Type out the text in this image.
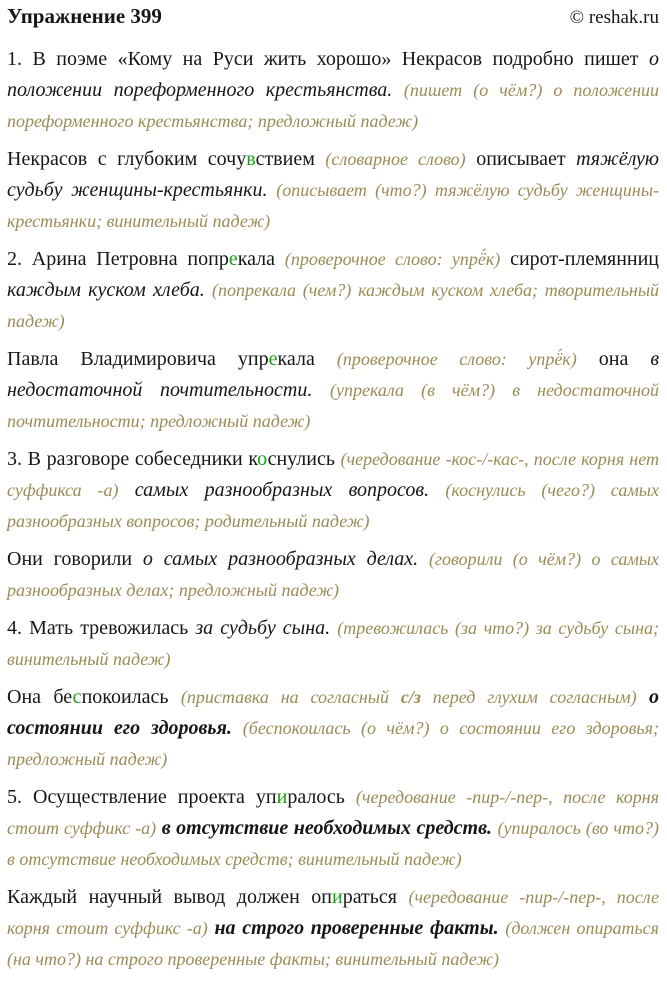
Упражнение 399	© reshak.ru

1. В поэме «Кому на Руси жить хорошо» Некрасов подробно пишет о положении пореформенного крестьянства. (пишет (о чём?) о положении пореформенного крестьянства; предложный падеж)

Некрасов с глубоким сочувствием (словарное слово) описывает тяжёлую судьбу женщины-крестьянки. (описывает (что?) тяжёлую судьбу женщины-крестьянки; винительный падеж)

2. Арина Петровна попрекала (проверочное слово: упрё́к) сирот-племянниц каждым куском хлеба. (попрекала (чем?) каждым куском хлеба; творительный падеж)

Павла Владимировича упрекала (проверочное слово: упрё́к) она в недостаточной почтительности. (упрекала (в чём?) в недостаточной почтительности; предложный падеж)

3. В разговоре собеседники коснулись (чередование -кос-/-кас-, после корня нет суффикса -а) самых разнообразных вопросов. (коснулись (чего?) самых разнообразных вопросов; родительный падеж)

Они говорили о самых разнообразных делах. (говорили (о чём?) о самых разнообразных делах; предложный падеж)

4. Мать тревожилась за судьбу сына. (тревожилась (за что?) за судьбу сына; винительный падеж)

Она беспокоилась (приставка на согласный с/з перед глухим согласным) о состоянии его здоровья. (беспокоилась (о чём?) о состоянии его здоровья; предложный падеж)

5. Осуществление проекта упиралось (чередование -пир-/-пер-, после корня стоит суффикс -а) в отсутствие необходимых средств. (упиралось (во что?) в отсутствие необходимых средств; винительный падеж)

Каждый научный вывод должен опираться (чередование -пир-/-пер-, после корня стоит суффикс -а) на строго проверенные факты. (должен опираться (на что?) на строго проверенные факты; винительный падеж)
